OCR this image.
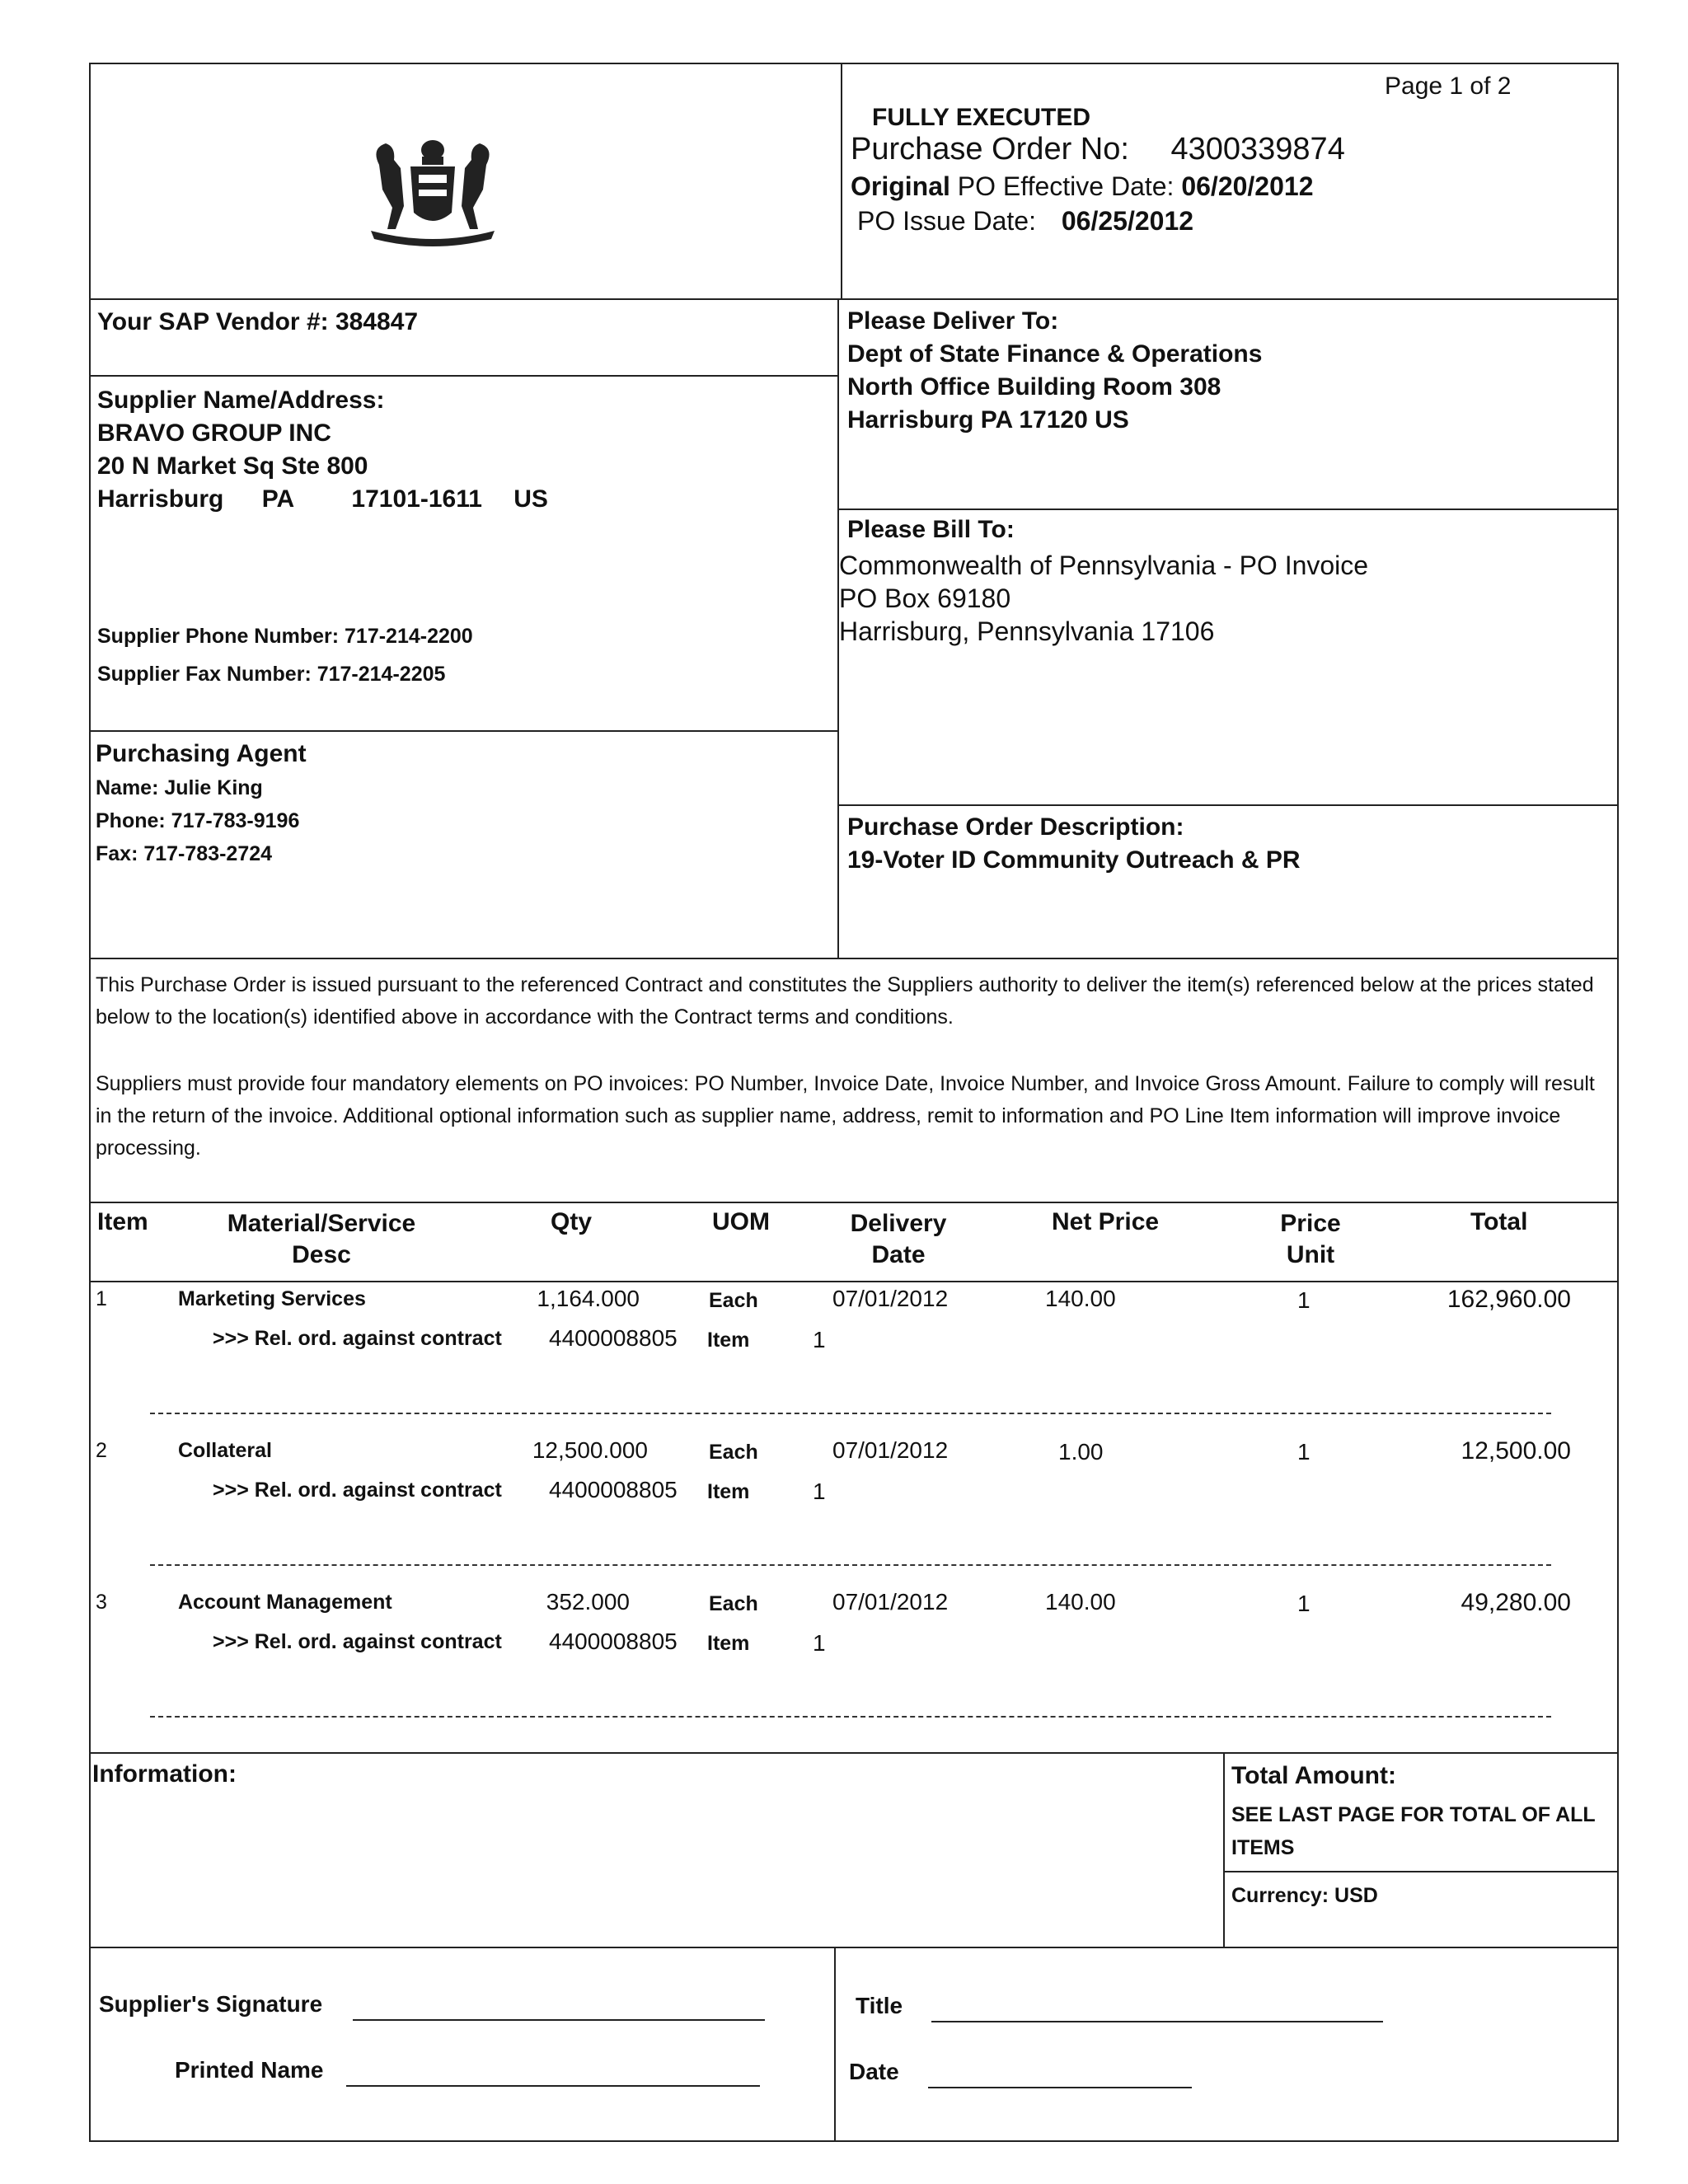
Page 1 of 2
FULLY EXECUTED
Purchase Order No: 4300339874
Original PO Effective Date: 06/20/2012
PO Issue Date: 06/25/2012
Your SAP Vendor #: 384847
Supplier Name/Address:
BRAVO GROUP INC
20 N Market Sq Ste 800
Harrisburg PA 17101-1611 US
Supplier Phone Number: 717-214-2200
Supplier Fax Number: 717-214-2205
Purchasing Agent
Name: Julie King
Phone: 717-783-9196
Fax: 717-783-2724
Please Deliver To:
Dept of State Finance & Operations
North Office Building Room 308
Harrisburg PA 17120 US
Please Bill To:
Commonwealth of Pennsylvania - PO Invoice
PO Box 69180
Harrisburg, Pennsylvania 17106
Purchase Order Description:
19-Voter ID Community Outreach & PR
This Purchase Order is issued pursuant to the referenced Contract and constitutes the Suppliers authority to deliver the item(s) referenced below at the prices stated below to the location(s) identified above in accordance with the Contract terms and conditions.
Suppliers must provide four mandatory elements on PO invoices: PO Number, Invoice Date, Invoice Number, and Invoice Gross Amount. Failure to comply will result in the return of the invoice. Additional optional information such as supplier name, address, remit to information and PO Line Item information will improve invoice processing.
Item	Material/Service
Desc
Qty	UOM	Delivery
Date
Net Price	Price
Unit
Total
1	Marketing Services	1,164.000	Each	07/01/2012	140.00	1	162,960.00
>>> Rel. ord. against contract 4400008805 Item	1
2	Collateral	12,500.000	Each	07/01/2012	1.00	1	12,500.00
>>> Rel. ord. against contract 4400008805 Item	1
3	Account Management	352.000	Each	07/01/2012	140.00	1	49,280.00
>>> Rel. ord. against contract 4400008805 Item	1
Information:	Total Amount:
SEE LAST PAGE FOR TOTAL OF ALL ITEMS
Currency: USD
Supplier's Signature
Printed Name
Title
Date
